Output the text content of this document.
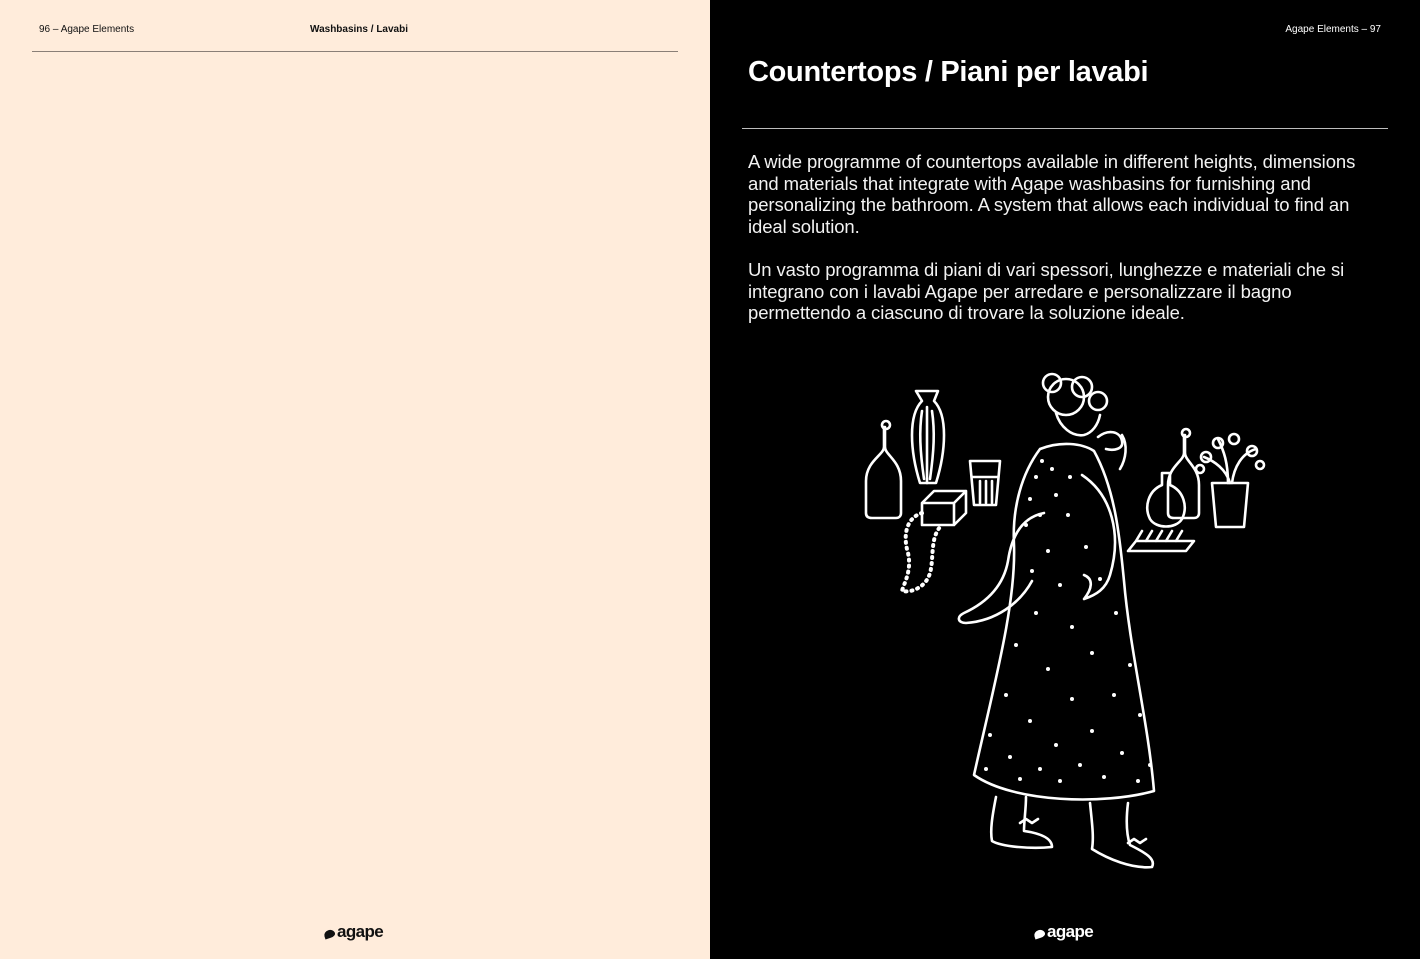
96 – Agape Elements	Washbasins / Lavabi
agape
Agape Elements – 97
Countertops / Piani per lavabi

A wide programme of countertops available in different heights, dimensions and materials that integrate with Agape washbasins for furnishing and personalizing the bathroom. A system that allows each individual to find an ideal solution.

Un vasto programma di piani di vari spessori, lunghezze e materiali che si integrano con i lavabi Agape per arredare e personalizzare il bagno permettendo a ciascuno di trovare la soluzione ideale.

agape
